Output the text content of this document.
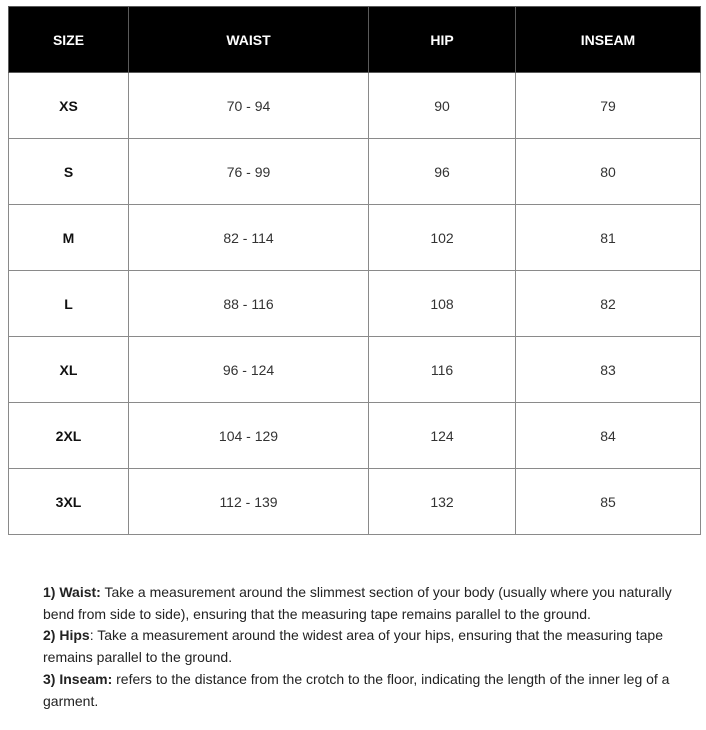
SIZE	WAIST	HIP	INSEAM
XS	70 - 94	90	79
S	76 - 99	96	80
M	82 - 114	102	81
L	88 - 116	108	82
XL	96 - 124	116	83
2XL	104 - 129	124	84
3XL	112 - 139	132	85

1) Waist: Take a measurement around the slimmest section of your body (usually where you naturally bend from side to side), ensuring that the measuring tape remains parallel to the ground.

2) Hips: Take a measurement around the widest area of your hips, ensuring that the measuring tape remains parallel to the ground.

3) Inseam: refers to the distance from the crotch to the floor, indicating the length of the inner leg of a garment.
